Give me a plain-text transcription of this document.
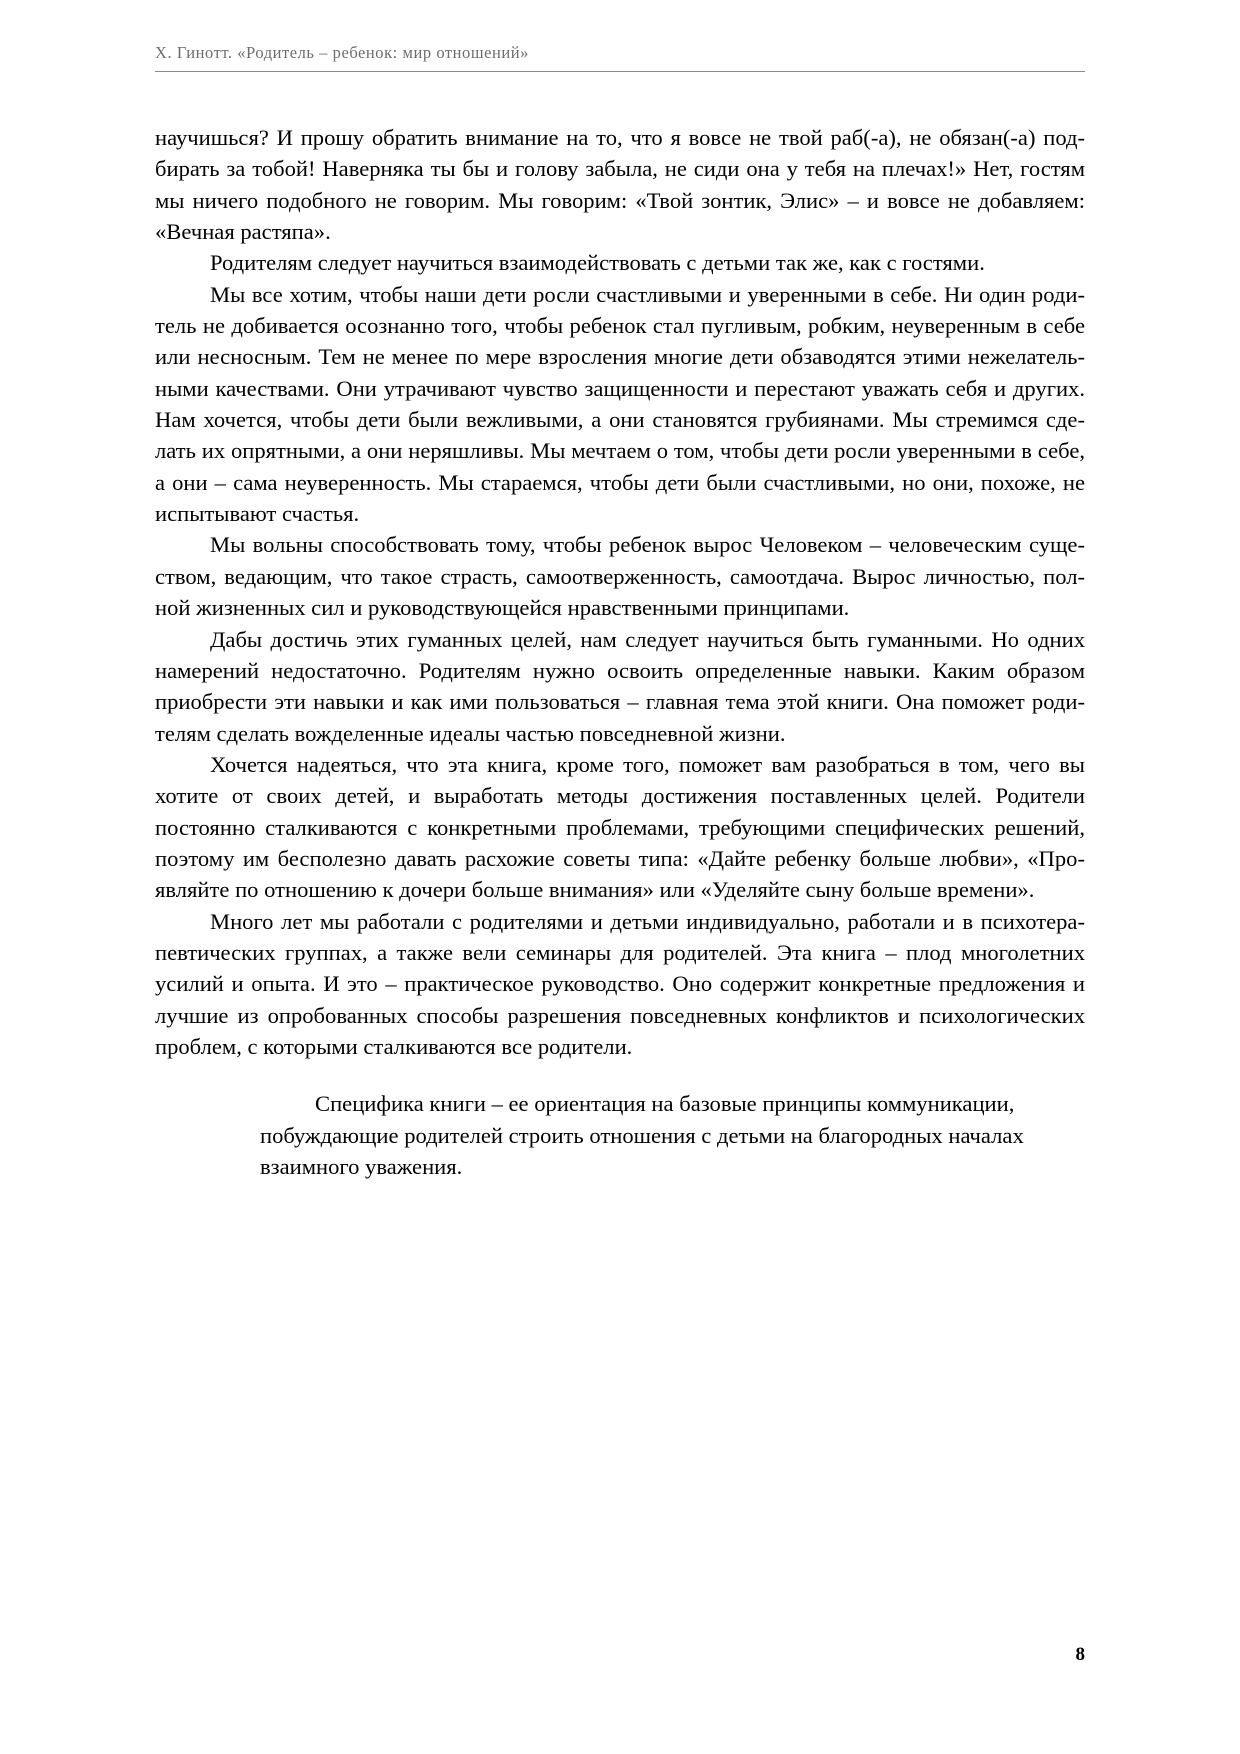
Х. Гинотт. «Родитель – ребенок: мир отношений»

научишься? И прошу обратить внимание на то, что я вовсе не твой раб(-а), не обязан(-а) подбирать за тобой! Наверняка ты бы и голову забыла, не сиди она у тебя на плечах!» Нет, гостям мы ничего подобного не говорим. Мы говорим: «Твой зонтик, Элис» – и вовсе не добавляем: «Вечная растяпа».

Родителям следует научиться взаимодействовать с детьми так же, как с гостями.

Мы все хотим, чтобы наши дети росли счастливыми и уверенными в себе. Ни один родитель не добивается осознанно того, чтобы ребенок стал пугливым, робким, неуверенным в себе или несносным. Тем не менее по мере взросления многие дети обзаводятся этими нежелательными качествами. Они утрачивают чувство защищенности и перестают уважать себя и других. Нам хочется, чтобы дети были вежливыми, а они становятся грубиянами. Мы стремимся сделать их опрятными, а они неряшливы. Мы мечтаем о том, чтобы дети росли уверенными в себе, а они – сама неуверенность. Мы стараемся, чтобы дети были счастливыми, но они, похоже, не испытывают счастья.

Мы вольны способствовать тому, чтобы ребенок вырос Человеком – человеческим существом, ведающим, что такое страсть, самоотверженность, самоотдача. Вырос личностью, полной жизненных сил и руководствующейся нравственными принципами.

Дабы достичь этих гуманных целей, нам следует научиться быть гуманными. Но одних намерений недостаточно. Родителям нужно освоить определенные навыки. Каким образом приобрести эти навыки и как ими пользоваться – главная тема этой книги. Она поможет родителям сделать вожделенные идеалы частью повседневной жизни.

Хочется надеяться, что эта книга, кроме того, поможет вам разобраться в том, чего вы хотите от своих детей, и выработать методы достижения поставленных целей. Родители постоянно сталкиваются с конкретными проблемами, требующими специфических решений, поэтому им бесполезно давать расхожие советы типа: «Дайте ребенку больше любви», «Проявляйте по отношению к дочери больше внимания» или «Уделяйте сыну больше времени».

Много лет мы работали с родителями и детьми индивидуально, работали и в психотерапевтических группах, а также вели семинары для родителей. Эта книга – плод многолетних усилий и опыта. И это – практическое руководство. Оно содержит конкретные предложения и лучшие из опробованных способы разрешения повседневных конфликтов и психологических проблем, с которыми сталкиваются все родители.

Специфика книги – ее ориентация на базовые принципы коммуникации, побуждающие родителей строить отношения с детьми на благородных началах взаимного уважения.

8
